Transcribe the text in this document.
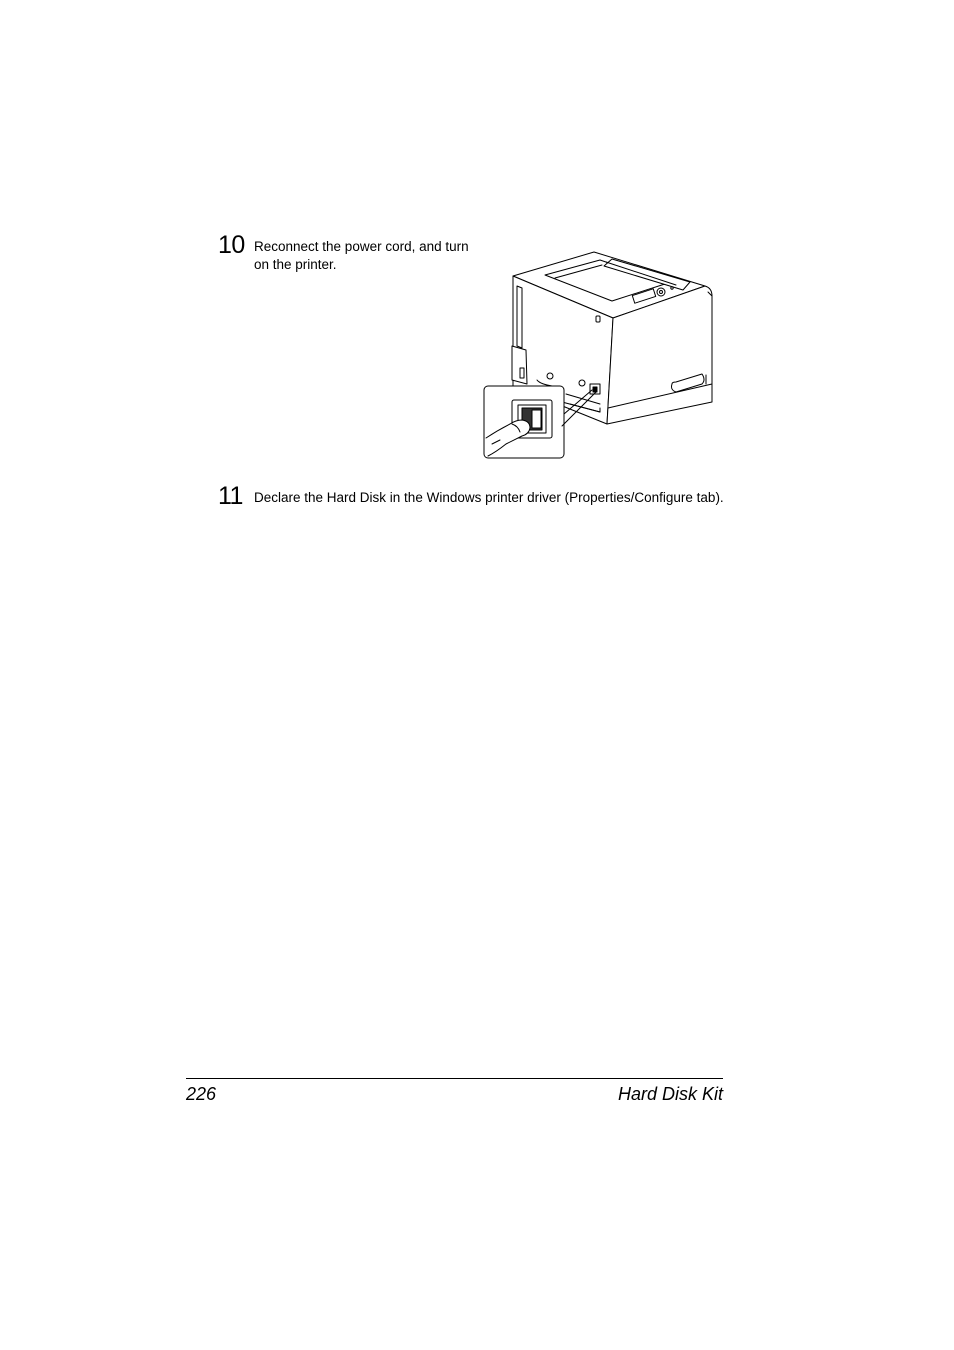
10 Reconnect the power cord, and turn on the printer.
11 Declare the Hard Disk in the Windows printer driver (Properties/Configure tab).
226	Hard Disk Kit
